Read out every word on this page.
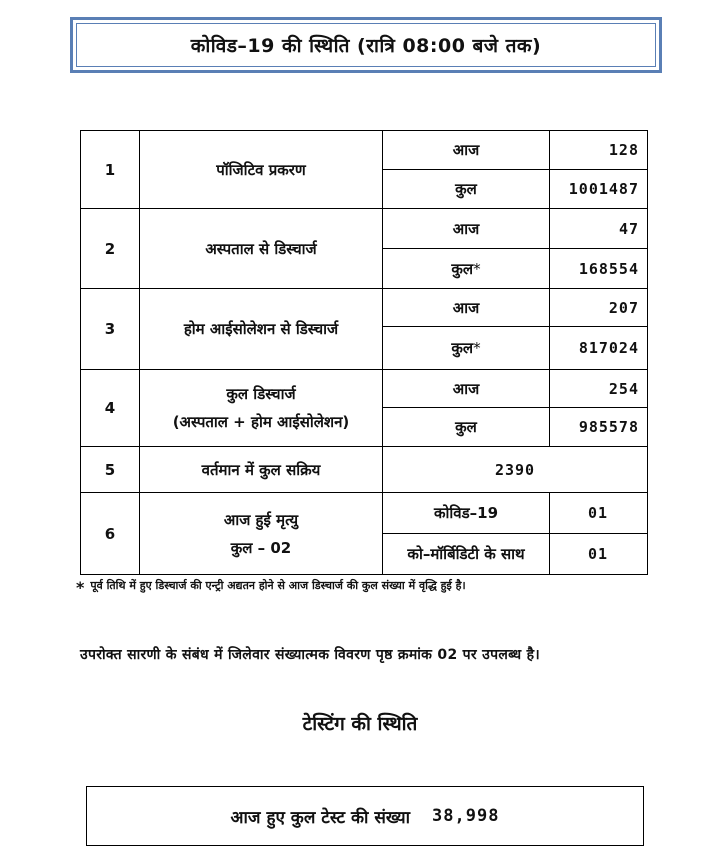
कोविड–19 की स्थिति (रात्रि 08:00 बजे तक)
1	पॉजिटिव प्रकरण	आज	128
		कुल	1001487
2	अस्पताल से डिस्चार्ज	आज	47
		कुल*	168554
3	होम आईसोलेशन से डिस्चार्ज	आज	207
		कुल*	817024
4	कुल डिस्चार्ज
(अस्पताल + होम आईसोलेशन)	आज	254
		कुल	985578
5	वर्तमान में कुल सक्रिय	2390	
6	आज हुई मृत्यु
कुल – 02	कोविड–19	01
		को–मॉर्बिडिटी के साथ	01
* पूर्व तिथि में हुए डिस्चार्ज की एन्ट्री अद्यतन होने से आज डिस्चार्ज की कुल संख्या में वृद्धि हुई है।
उपरोक्त सारणी के संबंध में जिलेवार संख्यात्मक विवरण पृष्ठ क्रमांक 02 पर उपलब्ध है।
टेस्टिंग की स्थिति
आज हुए कुल टेस्ट की संख्या 38,998
